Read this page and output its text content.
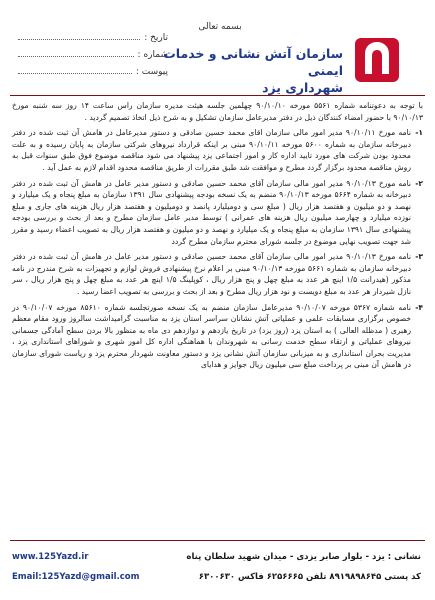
بسمه تعالی
تاریخ :
شماره :
پیوست :
سازمان آتش نشانی و خدمات ایمنی
شهرداری یزد

با توجه به دعوتنامه شماره ۵۵۶۱ مورخه ۹۰/۱۰/۱۰ چهلمین جلسه هیئت مدیره سازمان راس ساعت ۱۴ روز سه شنبه مورخ ۹۰/۱۰/۱۳ با حضور امضاء کنندگان ذیل در دفتر مدیرعامل سازمان تشکیل و به شرح ذیل اتخاذ تصمیم گردید .

۱-
نامه مورخ ۹۰/۱۰/۱۱ مدیر امور مالی سازمان اقای محمد حسین صادقی و دستور مدیرعامل در هامش آن ثبت شده در دفتر دبیرخانه سازمان به شماره ۵۶۰۰ مورخه ۹۰/۱۰/۱۱ مبنی بر اینکه قرارداد نیروهای شرکتی سازمان به پایان رسیده و به علت محدود بودن شرکت های مورد تایید اداره کار و امور اجتماعی یزد پیشنهاد می شود مناقصه موضوع فوق طبق سنوات قبل به روش مناقصه محدود برگزار گردد مطرح و موافقت شد طبق مقررات از طریق مناقصه محدود اقدام لازم به عمل آید .
۲-
نامه مورخ ۹۰/۱۰/۱۳ مدیر امور مالی سازمان آقای محمد حسین صادقی و دستور مدیر عامل در هامش آن ثبت شده در دفتر دبیرخانه به شماره ۵۶۶۴ مورخه ۹۰/۱۰/۱۳ منضم به یک نسخه بودجه پیشنهادی سال ۱۳۹۱ سازمان به مبلغ پنجاه و یک میلیارد و نهصد و دو میلیون و هفتصد هزار ریال ( مبلغ سی و دومیلیارد پانصد و دومیلیون و هفتصد هزار ریال هزینه های جاری و مبلغ نوزده میلیارد و چهارصد میلیون ریال هزینه های عمرانی ) توسط مدیر عامل سازمان مطرح و بعد از بحث و بررسی بودجه پیشنهادی سال ۱۳۹۱ سازمان به مبلغ پنجاه و یک میلیارد و نهصد و دو میلیون و هفتصد هزار ریال به تصویب اعضاء رسید و مقرر شد جهت تصویب نهایی موضوع در جلسه شورای محترم سازمان مطرح گردد
۳-
نامه مورخ ۹۰/۱۰/۱۳ مدیر امور مالی سازمان آقای محمد حسین صادقی و دستور مدیر عامل در هامش آن ثبت شده در دفتر دبیرخانه سازمان به شماره ۵۶۶۱ مورخه ۹۰/۱۰/۱۳ مبنی بر اعلام نرخ پیشنهادی فروش لوازم و تجهیزات به شرح مندرج در نامه مذکور (هیدرانت ۱/۵ اینچ هر عدد به مبلغ چهل و پنج هزار ریال ، کوپلینگ ۱/۵ اینچ هر عدد به مبلغ چهل و پنج هزار ریال ، سر نازل شیردار هر عدد به مبلغ دویست و نود هزار ریال مطرح و بعد از بحث و بررسی به تصویب اعضا رسید .
۴-
نامه شماره ۵۳۶۷ مورخه ۹۰/۱۰/۰۷ مدیرعامل سازمان منضم به یک نسخه صورتجلسه شماره ۸۵۶۱۰ مورخه ۹۰/۱۰/۰۷ در خصوص برگزاری مسابقات علمی و عملیاتی آتش نشانان سراسر استان یزد به مناسبت گرامیداشت سالروز ورود مقام معظم رهبری ( مدظله العالی ) به استان یزد (روز یزد) در تاریخ یازدهم و دوازدهم دی ماه به منظور بالا بردن سطح آمادگی جسمانی نیروهای عملیاتی و ارتقاء سطح خدمت رسانی به شهروندان با هماهنگی اداره کل امور شهری و شوراهای استانداری یزد ، مدیریت بحران استانداری و به میزبانی سازمان آتش نشانی یزد و دستور معاونت شهردار محترم یزد و ریاست شورای سازمان در هامش آن مبنی بر پرداخت مبلغ سی میلیون ریال جوایز و هدایای
www.125Yazd.ir
Email:125Yazd@gmail.com
نشانی : یزد - بلوار صابر یزدی - میدان شهید سلطان پناه
کد پستی ۸۹۱۹۸۹۸۶۴۵ تلفن ۶۲۵۶۶۶۵ فاکس ۶۳۰۰۶۳۰
